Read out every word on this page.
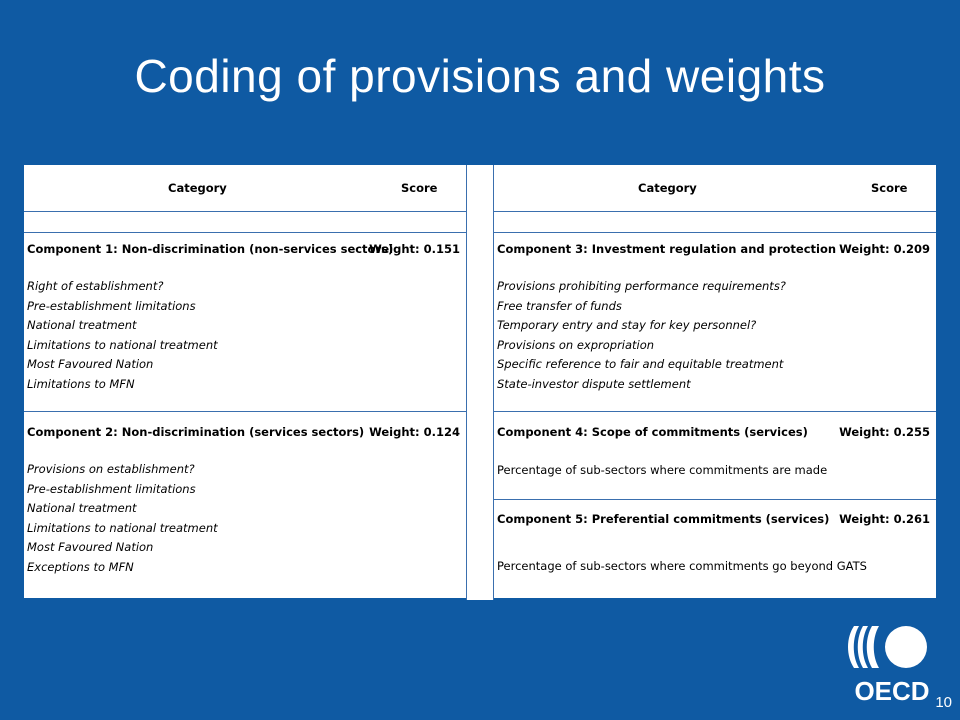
Coding of provisions and weights
Category	Score
Component 1: Non-discrimination (non-services sectors)
Weight: 0.151
Right of establishment?
Pre-establishment limitations
National treatment
Limitations to national treatment
Most Favoured Nation
Limitations to MFN
Component 2: Non-discrimination (services sectors) Weight: 0.124
Provisions on establishment?
Pre-establishment limitations
National treatment
Limitations to national treatment
Most Favoured Nation
Exceptions to MFN
Category	Score
Component 3: Investment regulation and protection Weight: 0.209
Provisions prohibiting performance requirements?
Free transfer of funds
Temporary entry and stay for key personnel?
Provisions on expropriation
Specific reference to fair and equitable treatment
State-investor dispute settlement
Component 4: Scope of commitments (services)
Percentage of sub-sectors where commitments are made
Weight: 0.255
Component 5: Preferential commitments (services) Weight: 0.261
Percentage of sub-sectors where commitments go beyond GATS
OECD 10
